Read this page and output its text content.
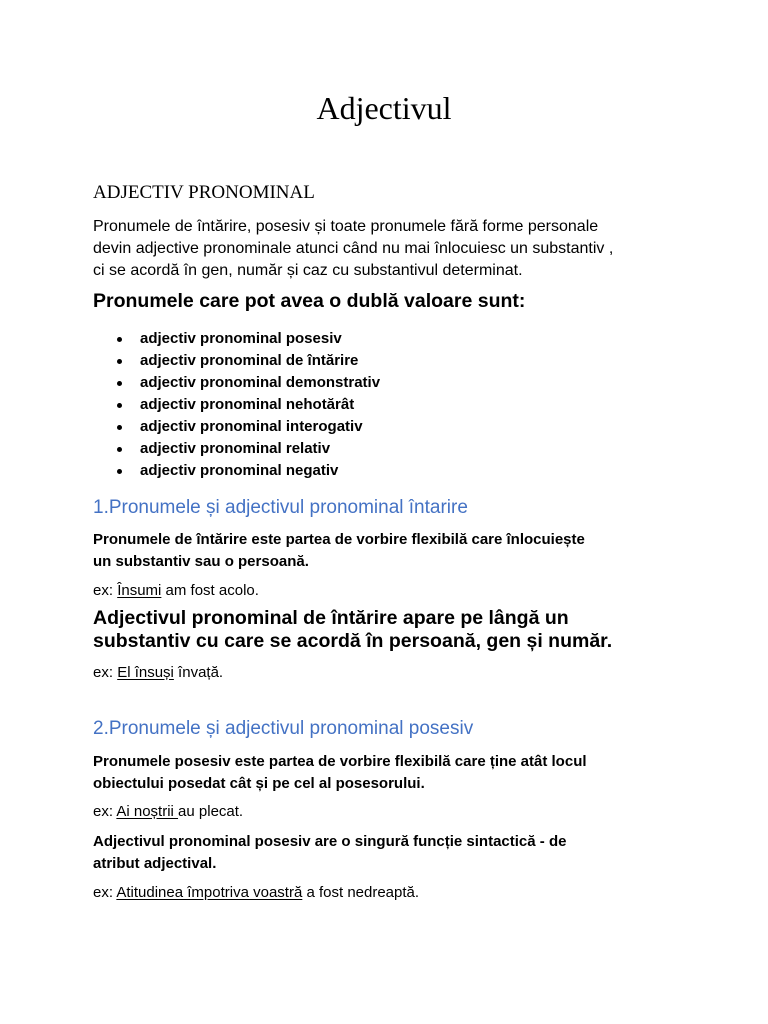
Adjectivul
ADJECTIV PRONOMINAL

Pronumele de întărire, posesiv și toate pronumele fără forme personale
devin adjective pronominale atunci când nu mai înlocuiesc un substantiv ,
ci se acordă în gen, număr și caz cu substantivul determinat.

Pronumele care pot avea o dublă valoare sunt:
adjectiv pronominal posesiv
adjectiv pronominal de întărire
adjectiv pronominal demonstrativ
adjectiv pronominal nehotărât
adjectiv pronominal interogativ
adjectiv pronominal relativ
adjectiv pronominal negativ
1.Pronumele și adjectivul pronominal întarire

Pronumele de întărire este partea de vorbire flexibilă care înlocuiește
un substantiv sau o persoană.

ex: Însumi am fost acolo.

Adjectivul pronominal de întărire apare pe lângă un
substantiv cu care se acordă în persoană, gen și număr.

ex: El însuși învață.
2.Pronumele și adjectivul pronominal posesiv

Pronumele posesiv este partea de vorbire flexibilă care ține atât locul
obiectului posedat cât și pe cel al posesorului.

ex: Ai noștrii au plecat.

Adjectivul pronominal posesiv are o singură funcție sintactică - de
atribut adjectival.

ex: Atitudinea împotriva voastră a fost nedreaptă.
